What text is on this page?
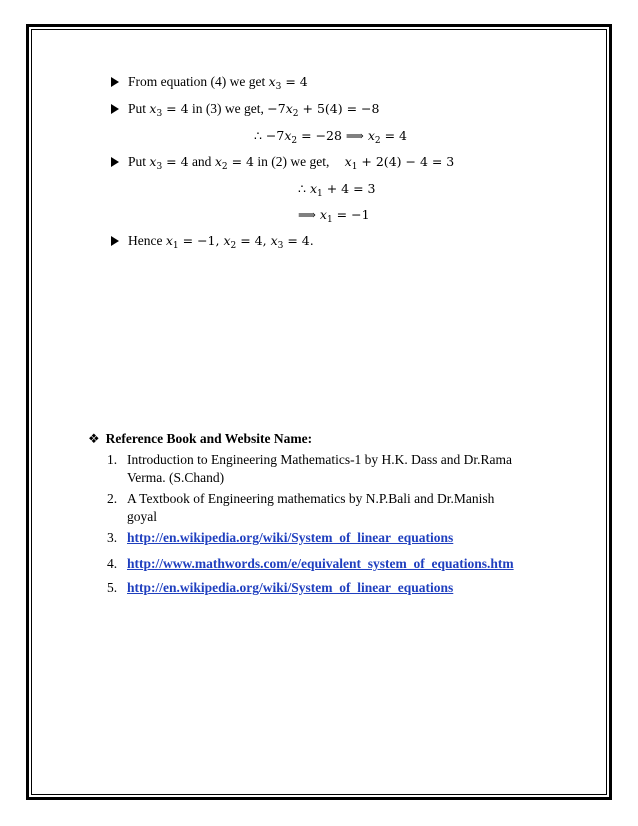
From equation (4) we get $x_3 = 4$
Put $x_3 = 4$ in (3) we get, $-7x_2 + 5(4) = -8$
∴ $-7x_2 = -28$ ⟹ $x_2 = 4$
Put $x_3 = 4$ and $x_2 = 4$ in (2) we get,    $x_1 + 2(4) - 4 = 3$
∴ $x_1 + 4 = 3$
⟹ $x_1 = -1$
Hence $x_1 = -1$, $x_2 = 4$, $x_3 = 4$.
❖ Reference Book and Website Name:
1. Introduction to Engineering Mathematics-1 by H.K. Dass and Dr.Rama
Verma. (S.Chand)
2. A Textbook of Engineering mathematics by N.P.Bali and Dr.Manish
goyal
3. http://en.wikipedia.org/wiki/System_of_linear_equations
4. http://www.mathwords.com/e/equivalent_system_of_equations.htm
5. http://en.wikipedia.org/wiki/System_of_linear_equations
